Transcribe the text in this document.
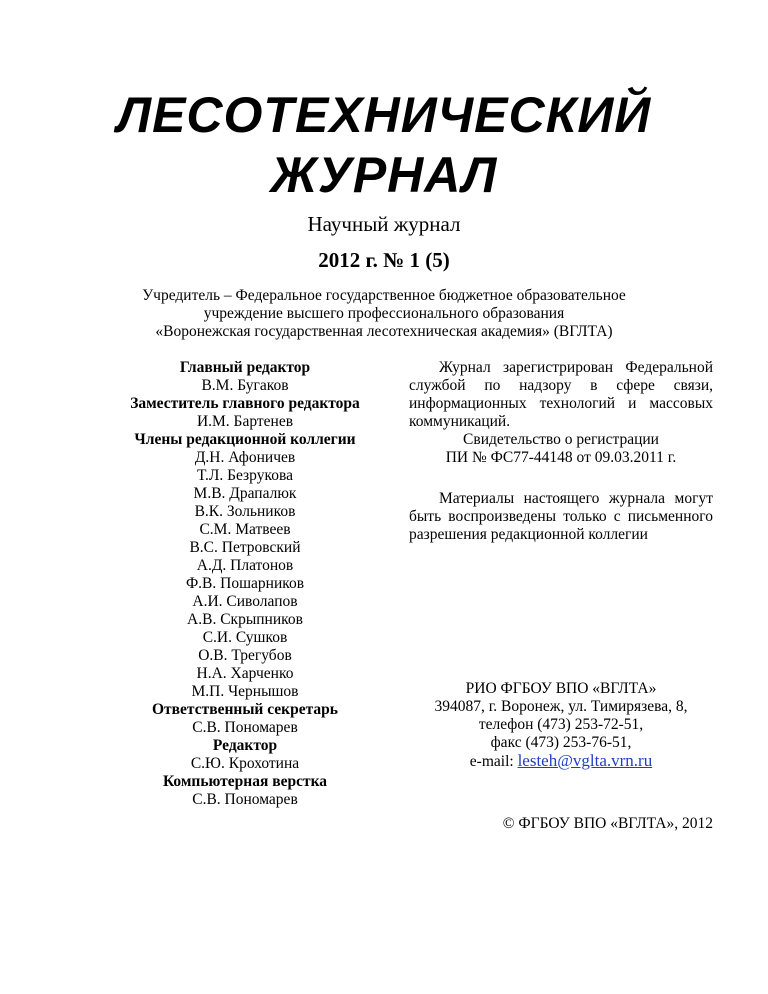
ЛЕСОТЕХНИЧЕСКИЙ
ЖУРНАЛ
Научный журнал
2012 г. № 1 (5)
Учредитель – Федеральное государственное бюджетное образовательное
учреждение высшего профессионального образования
«Воронежская государственная лесотехническая академия» (ВГЛТА)
Главный редактор
В.М. Бугаков
Заместитель главного редактора
И.М. Бартенев
Члены редакционной коллегии
Д.Н. Афоничев
Т.Л. Безрукова
М.В. Драпалюк
В.К. Зольников
С.М. Матвеев
В.С. Петровский
А.Д. Платонов
Ф.В. Пошарников
А.И. Сиволапов
А.В. Скрыпников
С.И. Сушков
О.В. Трегубов
Н.А. Харченко
М.П. Чернышов
Ответственный секретарь
С.В. Пономарев
Редактор
С.Ю. Крохотина
Компьютерная верстка
С.В. Пономарев
Журнал зарегистрирован Федеральной службой по надзору в сфере связи, информационных технологий и массовых коммуникаций.
Свидетельство о регистрации
ПИ № ФС77-44148 от 09.03.2011 г.
Материалы настоящего журнала могут быть воспроизведены только с письменного разрешения редакционной коллегии
РИО ФГБОУ ВПО «ВГЛТА»
394087, г. Воронеж, ул. Тимирязева, 8,
телефон (473) 253-72-51,
факс (473) 253-76-51,
e-mail: lesteh@vglta.vrn.ru
© ФГБОУ ВПО «ВГЛТА», 2012
